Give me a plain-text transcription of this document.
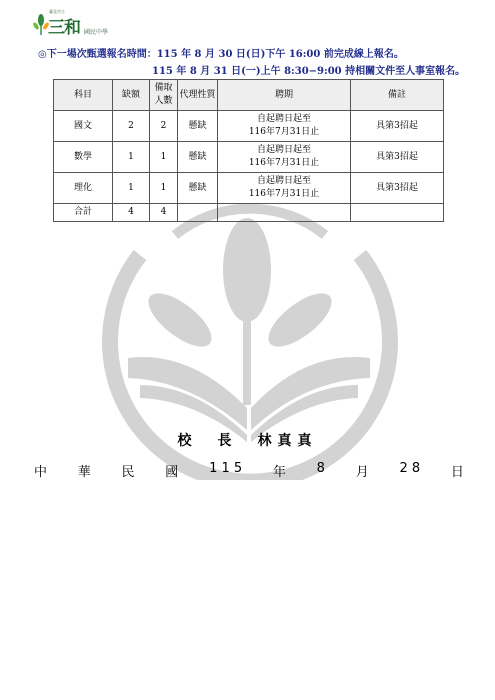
臺北市立
三和 國民中學
◎下一場次甄選報名時間：115 年 8 月 30 日(日)下午 16:00 前完成線上報名。
115 年 8 月 31 日(一)上午 8:30−9:00 持相關文件至人事室報名。
科目	缺額	備取
人數	代理性質	聘期	備註
國文	2	2	懸缺	自起聘日起至
116年7月31日止	具第3招起
數學	1	1	懸缺	自起聘日起至
116年7月31日止	具第3招起
理化	1	1	懸缺	自起聘日起至
116年7月31日止	具第3招起
合計	4	4			
校　長　林真真
中 華 民 國 1 1 5 年 8 月 2 8 日
